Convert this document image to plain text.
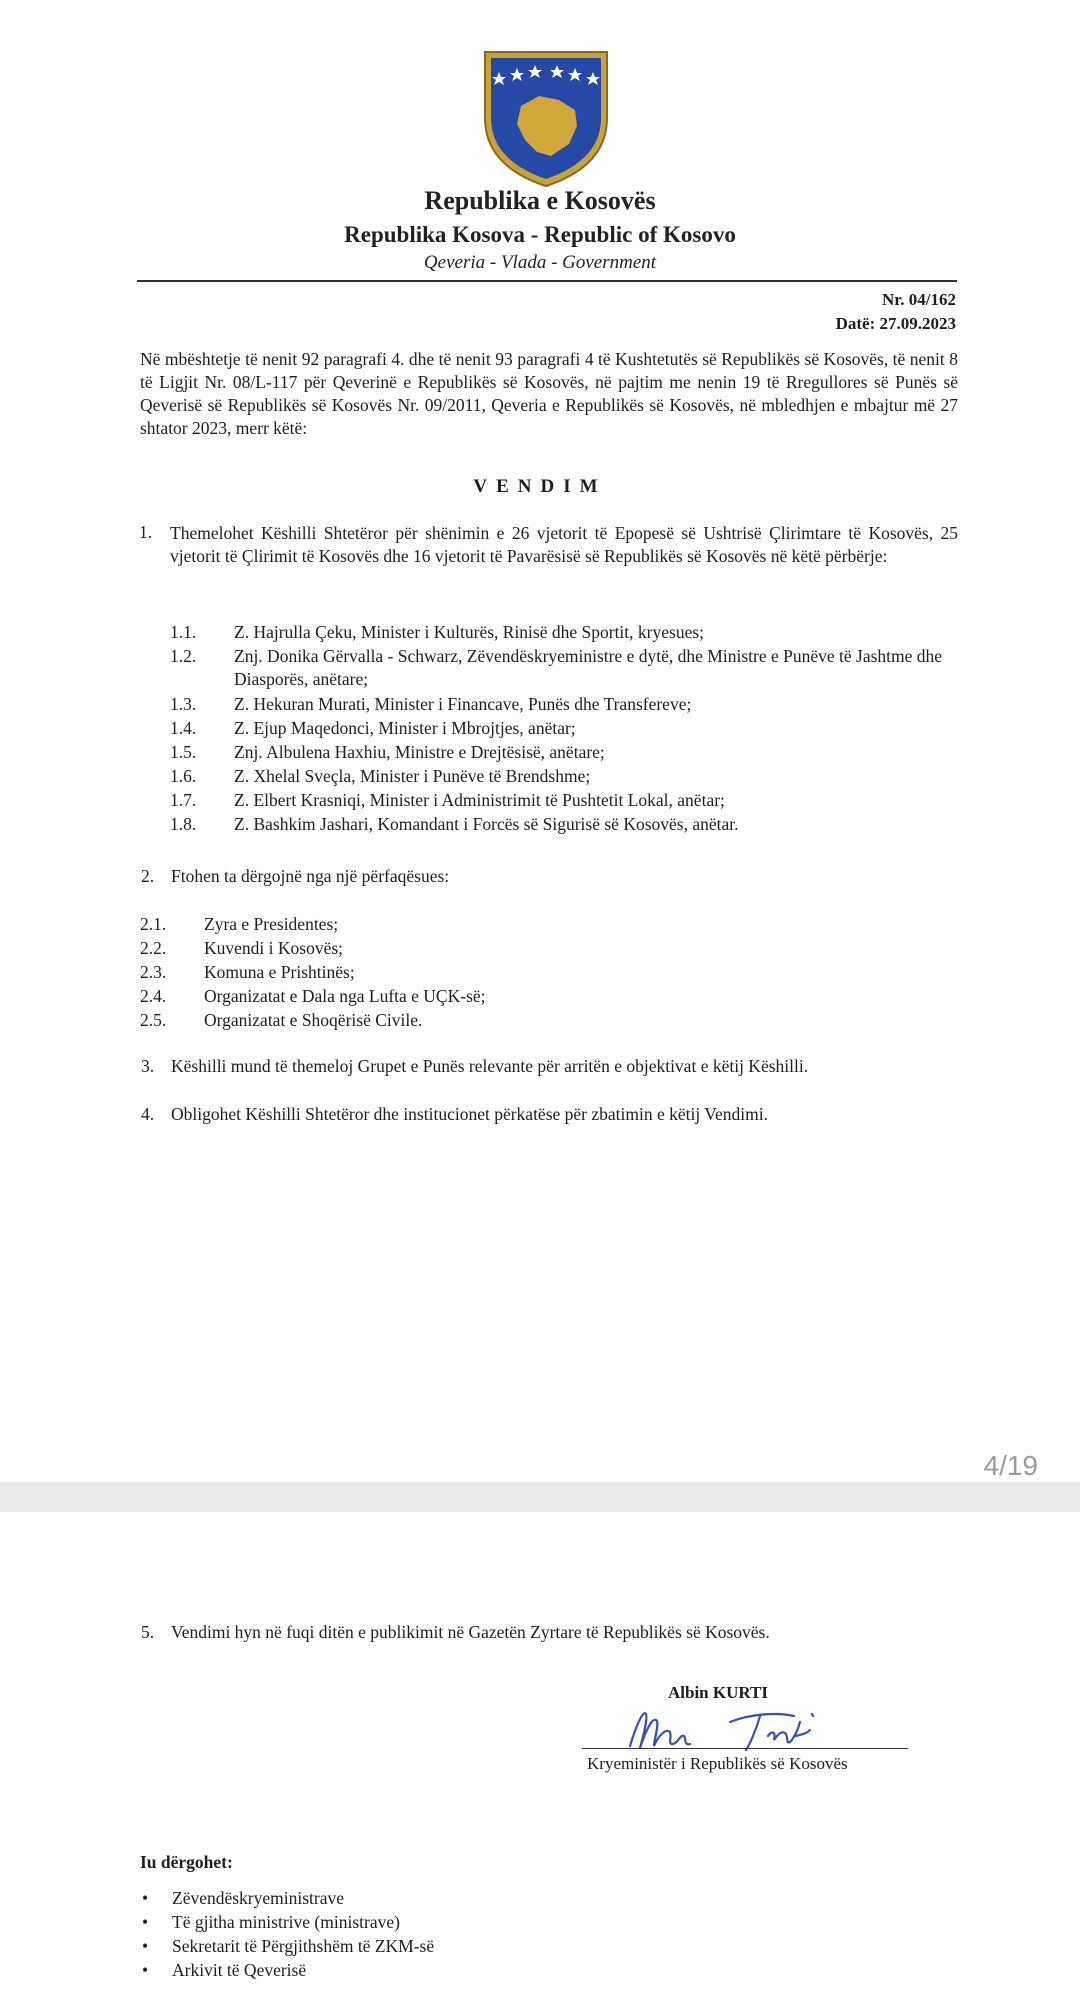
Republika e Kosovës
Republika Kosova - Republic of Kosovo
Qeveria - Vlada - Government
Nr. 04/162
Datë: 27.09.2023
Në mbështetje të nenit 92 paragrafi 4. dhe të nenit 93 paragrafi 4 të Kushtetutës së Republikës së Kosovës, të nenit 8 të Ligjit Nr. 08/L-117 për Qeverinë e Republikës së Kosovës, në pajtim me nenin 19 të Rregullores së Punës së Qeverisë së Republikës së Kosovës Nr. 09/2011, Qeveria e Republikës së Kosovës, në mbledhjen e mbajtur më 27 shtator 2023, merr këtë:
VENDIM
1. Themelohet Këshilli Shtetëror për shënimin e 26 vjetorit të Epopesë së Ushtrisë Çlirimtare të Kosovës, 25 vjetorit të Çlirimit të Kosovës dhe 16 vjetorit të Pavarësisë së Republikës së Kosovës në këtë përbërje:
1.1.	Z. Hajrulla Çeku, Minister i Kulturës, Rinisë dhe Sportit, kryesues;
1.2.	Znj. Donika Gërvalla - Schwarz, Zëvendëskryeministre e dytë, dhe Ministre e Punëve të Jashtme dhe Diasporës, anëtare;
1.3.	Z. Hekuran Murati, Minister i Financave, Punës dhe Transfereve;
1.4.	Z. Ejup Maqedonci, Minister i Mbrojtjes, anëtar;
1.5.	Znj. Albulena Haxhiu, Ministre e Drejtësisë, anëtare;
1.6.	Z. Xhelal Sveçla, Minister i Punëve të Brendshme;
1.7.	Z. Elbert Krasniqi, Minister i Administrimit të Pushtetit Lokal, anëtar;
1.8.	Z. Bashkim Jashari, Komandant i Forcës së Sigurisë së Kosovës, anëtar.
2. Ftohen ta dërgojnë nga një përfaqësues:
2.1.	Zyra e Presidentes;
2.2.	Kuvendi i Kosovës;
2.3.	Komuna e Prishtinës;
2.4.	Organizatat e Dala nga Lufta e UÇK-së;
2.5.	Organizatat e Shoqërisë Civile.
3. Këshilli mund të themeloj Grupet e Punës relevante për arritën e objektivat e këtij Këshilli.
4. Obligohet Këshilli Shtetëror dhe institucionet përkatëse për zbatimin e këtij Vendimi.
4/19
5. Vendimi hyn në fuqi ditën e publikimit në Gazetën Zyrtare të Republikës së Kosovës.
Albin KURTI
Kryeministër i Republikës së Kosovës
Iu dërgohet:
• Zëvendëskryeministrave
• Të gjitha ministrive (ministrave)
• Sekretarit të Përgjithshëm të ZKM-së
• Arkivit të Qeverisë
